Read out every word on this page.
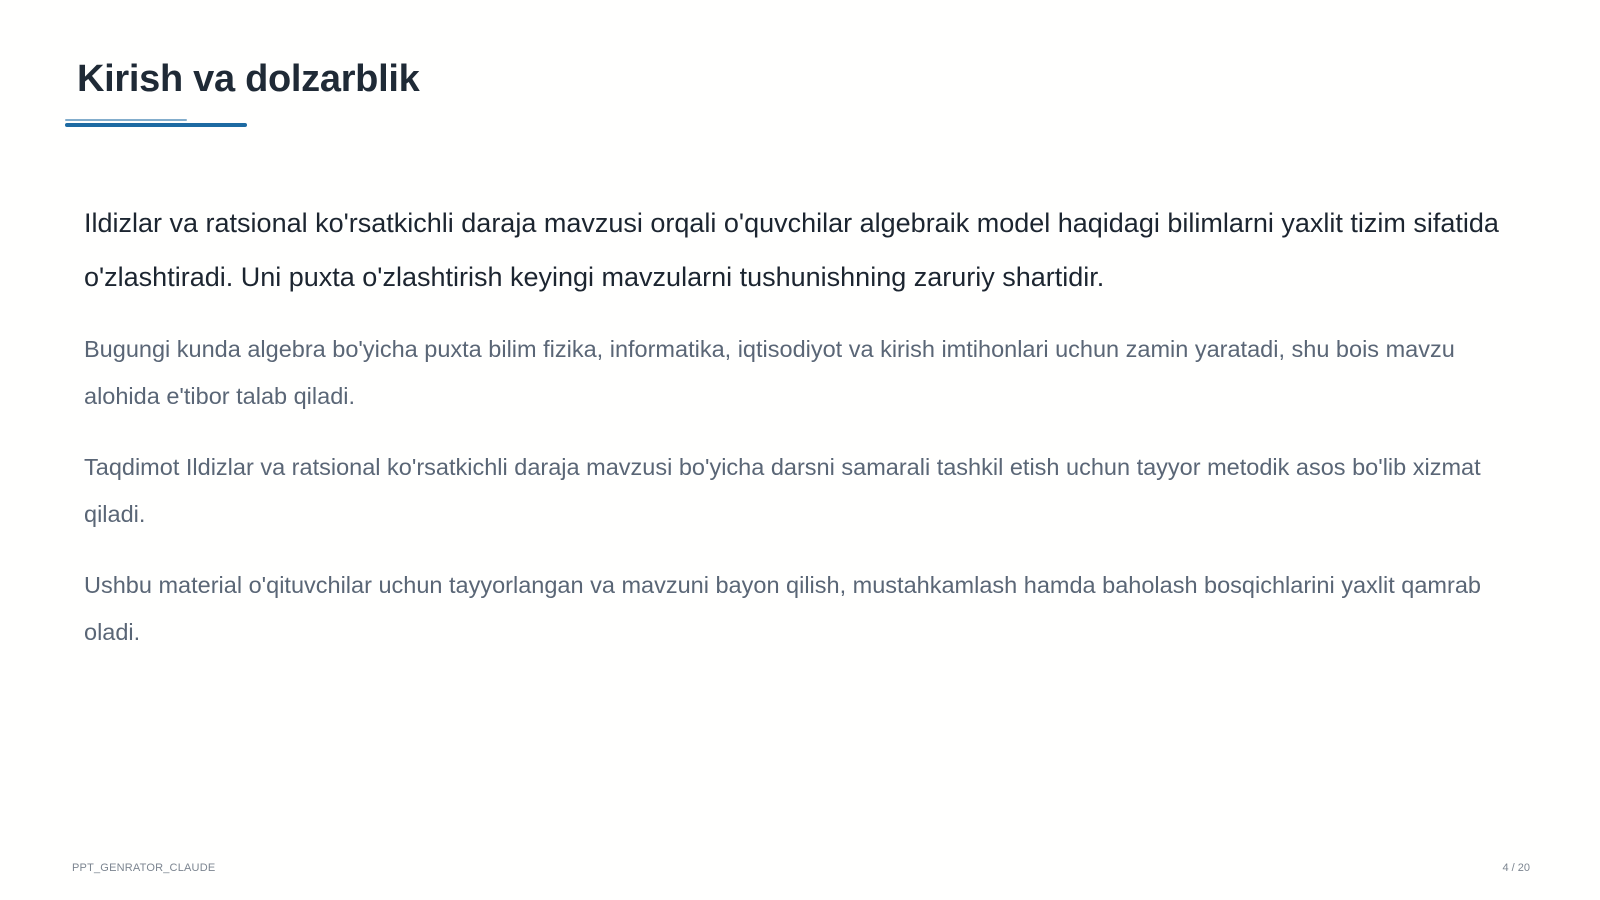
Kirish va dolzarblik

Ildizlar va ratsional ko'rsatkichli daraja mavzusi orqali o'quvchilar algebraik model haqidagi bilimlarni yaxlit tizim sifatida o'zlashtiradi. Uni puxta o'zlashtirish keyingi mavzularni tushunishning zaruriy shartidir.

Bugungi kunda algebra bo'yicha puxta bilim fizika, informatika, iqtisodiyot va kirish imtihonlari uchun zamin yaratadi, shu bois mavzu alohida e'tibor talab qiladi.

Taqdimot Ildizlar va ratsional ko'rsatkichli daraja mavzusi bo'yicha darsni samarali tashkil etish uchun tayyor metodik asos bo'lib xizmat qiladi.

Ushbu material o'qituvchilar uchun tayyorlangan va mavzuni bayon qilish, mustahkamlash hamda baholash bosqichlarini yaxlit qamrab oladi.

PPT_GENRATOR_CLAUDE	4 / 20
